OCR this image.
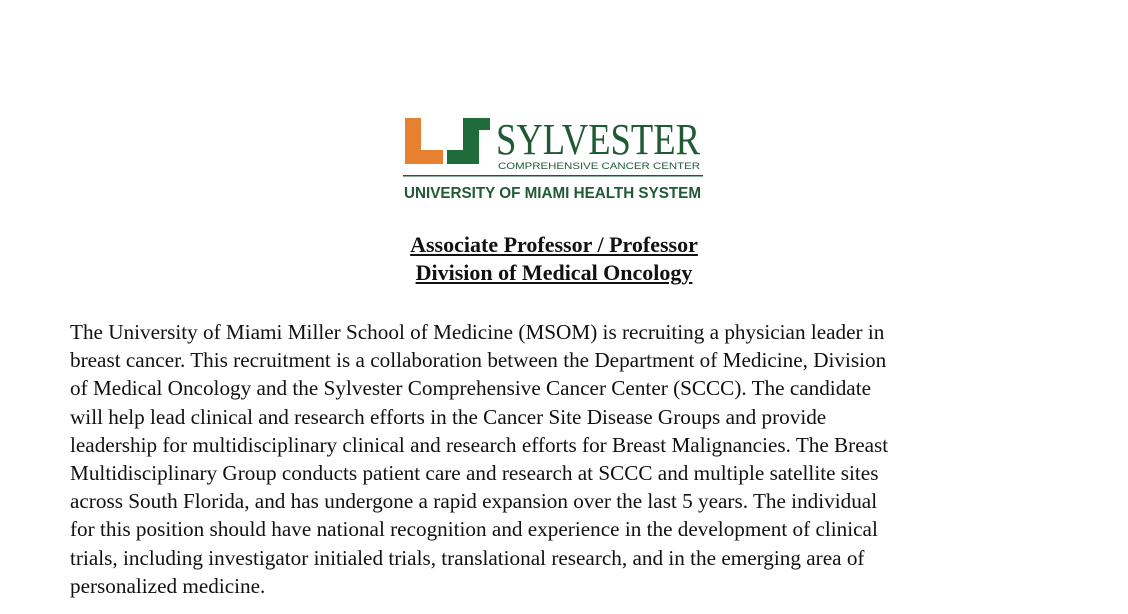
SYLVESTER
COMPREHENSIVE CANCER CENTER
UNIVERSITY OF MIAMI HEALTH SYSTEM
Associate Professor / Professor
Division of Medical Oncology

The University of Miami Miller School of Medicine (MSOM) is recruiting a physician leader in
breast cancer. This recruitment is a collaboration between the Department of Medicine, Division
of Medical Oncology and the Sylvester Comprehensive Cancer Center (SCCC). The candidate
will help lead clinical and research efforts in the Cancer Site Disease Groups and provide
leadership for multidisciplinary clinical and research efforts for Breast Malignancies. The Breast
Multidisciplinary Group conducts patient care and research at SCCC and multiple satellite sites
across South Florida, and has undergone a rapid expansion over the last 5 years. The individual
for this position should have national recognition and experience in the development of clinical
trials, including investigator initialed trials, translational research, and in the emerging area of
personalized medicine.
